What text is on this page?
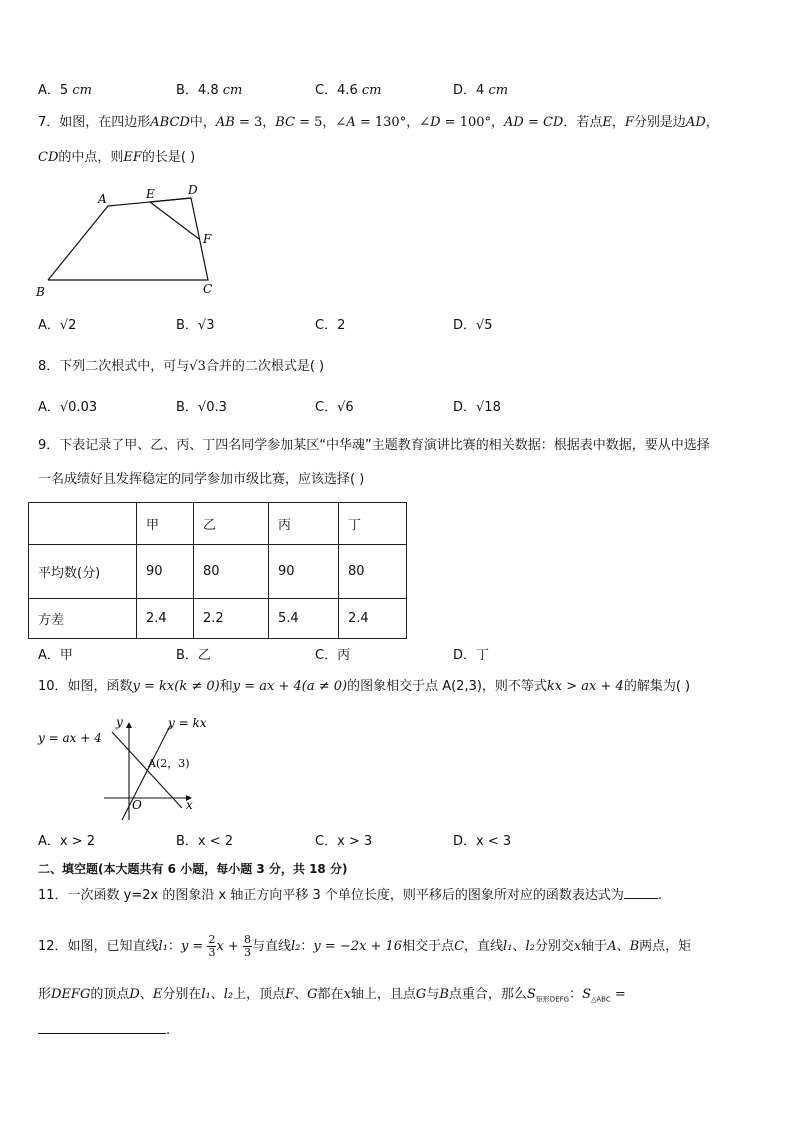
A．5 cm	B．4.8 cm	C．4.6 cm	D．4 cm
7．如图，在四边形ABCD中，AB = 3，BC = 5，∠A = 130°，∠D = 100°，AD = CD．若点E，F分别是边AD，
CD的中点，则EF的长是( )
A	E	D
F
B	C
A．√2	B．√3	C．2	D．√5
8．下列二次根式中，可与√3合并的二次根式是( )
A．√0.03	B．√0.3	C．√6	D．√18
9．下表记录了甲、乙、丙、丁四名同学参加某区“中华魂”主题教育演讲比赛的相关数据：根据表中数据，要从中选择
一名成绩好且发挥稳定的同学参加市级比赛，应该选择( )
	甲	乙	丙	丁
平均数(分)	90	80	90	80
方差	2.4	2.2	5.4	2.4
A．甲	B．乙	C．丙	D．丁
10．如图，函数y = kx(k ≠ 0)和y = ax + 4(a ≠ 0)的图象相交于点 A(2,3)，则不等式kx > ax + 4的解集为( )
y = ax + 4
y = kx
y
x
O
A(2，3)
A．x > 2	B．x < 2	C．x > 3	D．x < 3
二、填空题(本大题共有 6 小题，每小题 3 分，共 18 分)
11．一次函数 y=2x 的图象沿 x 轴正方向平移 3 个单位长度，则平移后的图象所对应的函数表达式为	.
12．如图，已知直线l₁：$y = \frac{2}{3}$ $x + \frac{8}{3}$ 与直线l₂：y = −2x + 16相交于点C，直线l₁、l₂分别交x轴于A、B两点，矩
形DEFG的顶点D、E分别在l₁、l₂上，顶点F、G都在x轴上，且点G与B点重合，那么$S_{矩形DEFG}$：$S_{\triangle ABC}$ =
.
